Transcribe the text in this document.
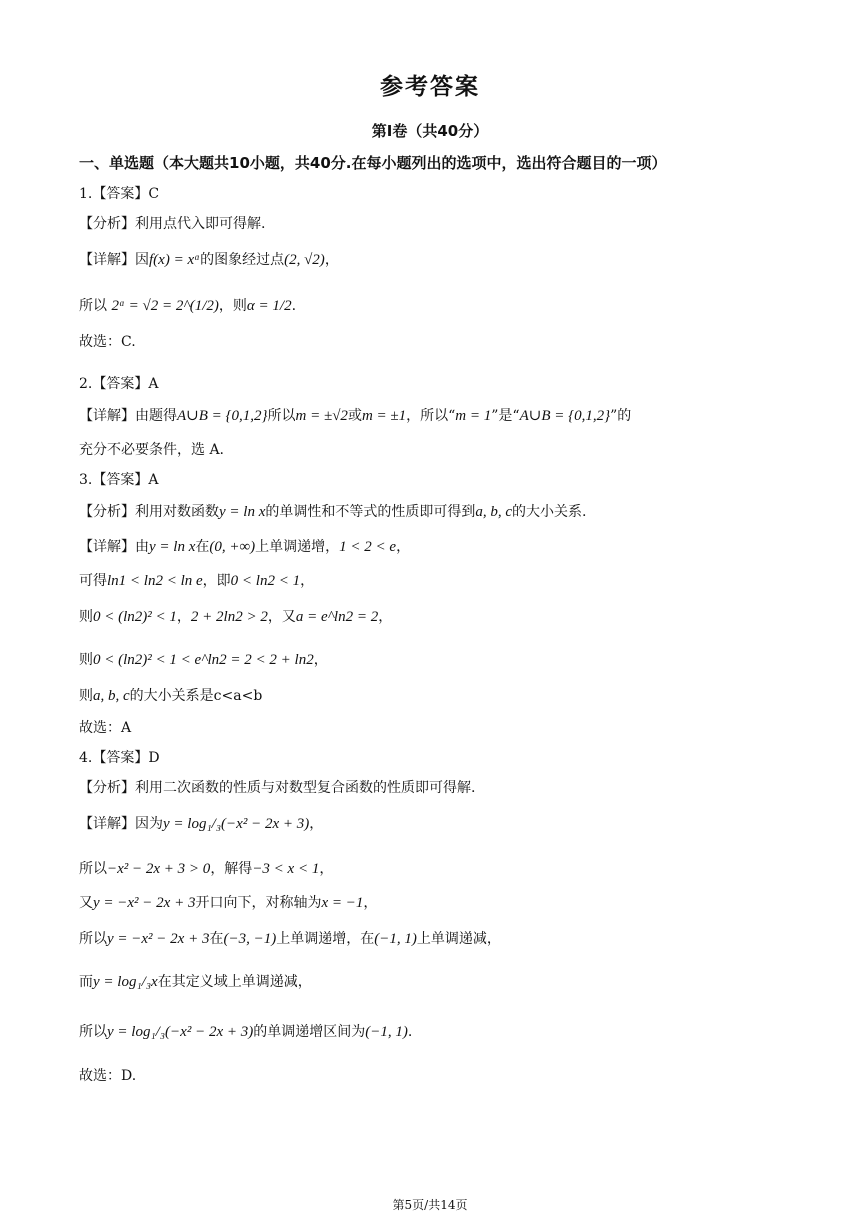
参考答案
第Ⅰ卷（共40分）
一、单选题（本大题共10小题，共40分.在每小题列出的选项中，选出符合题目的一项）
1.【答案】C
【分析】利用点代入即可得解.
【详解】因f(x) = xᵅ的图象经过点(2, √2)，
所以 2ᵅ = √2 = 2^(1/2)，则α = 1/2.
故选：C.
2.【答案】A
【详解】由题得A∪B = {0,1,2}所以m = ±√2或m = ±1，所以“m = 1”是“A∪B = {0,1,2}”的
充分不必要条件，选 A.
3.【答案】A
【分析】利用对数函数y = ln x的单调性和不等式的性质即可得到a, b, c的大小关系.
【详解】由y = ln x在(0, +∞)上单调递增，1 < 2 < e，
可得ln1 < ln2 < ln e，即0 < ln2 < 1，
则0 < (ln2)² < 1，2 + 2ln2 > 2，又a = e^ln2 = 2，
则0 < (ln2)² < 1 < e^ln2 = 2 < 2 + ln2，
则a, b, c的大小关系是c<a<b
故选：A
4.【答案】D
【分析】利用二次函数的性质与对数型复合函数的性质即可得解.
【详解】因为y = log₁/₃(−x² − 2x + 3)，
所以−x² − 2x + 3 > 0，解得−3 < x < 1，
又y = −x² − 2x + 3开口向下，对称轴为x = −1，
所以y = −x² − 2x + 3在(−3, −1)上单调递增，在(−1, 1)上单调递减，
而y = log₁/₃x在其定义域上单调递减，
所以y = log₁/₃(−x² − 2x + 3)的单调递增区间为(−1, 1).
故选：D.
第5页/共14页
